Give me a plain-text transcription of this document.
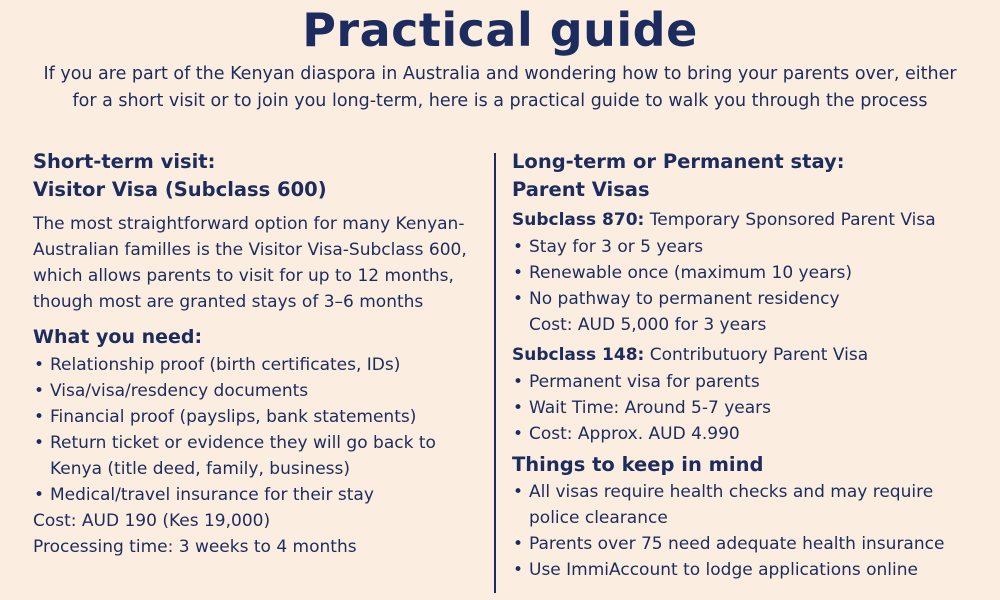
Practical guide
If you are part of the Kenyan diaspora in Australia and wondering how to bring your parents over, either for a short visit or to join you long-term, here is a practical guide to walk you through the process
Short-term visit:
Visitor Visa (Subclass 600)
The most straightforward option for many Kenyan-Australian familles is the Visitor Visa-Subclass 600, which allows parents to visit for up to 12 months, though most are granted stays of 3–6 months
What you need:
• Relationship proof (birth certificates, IDs)
• Visa/visa/resdency documents
• Financial proof (payslips, bank statements)
• Return ticket or evidence they will go back to Kenya (title deed, family, business)
• Medical/travel insurance for their stay
Cost: AUD 190 (Kes 19,000)
Processing time: 3 weeks to 4 months
Long-term or Permanent stay:
Parent Visas
Subclass 870: Temporary Sponsored Parent Visa
• Stay for 3 or 5 years
• Renewable once (maximum 10 years)
• No pathway to permanent residency
Cost: AUD 5,000 for 3 years
Subclass 148: Contributuory Parent Visa
• Permanent visa for parents
• Wait Time: Around 5-7 years
• Cost: Approx. AUD 4.990
Things to keep in mind
• All visas require health checks and may require police clearance
• Parents over 75 need adequate health insurance
• Use ImmiAccount to lodge applications online
